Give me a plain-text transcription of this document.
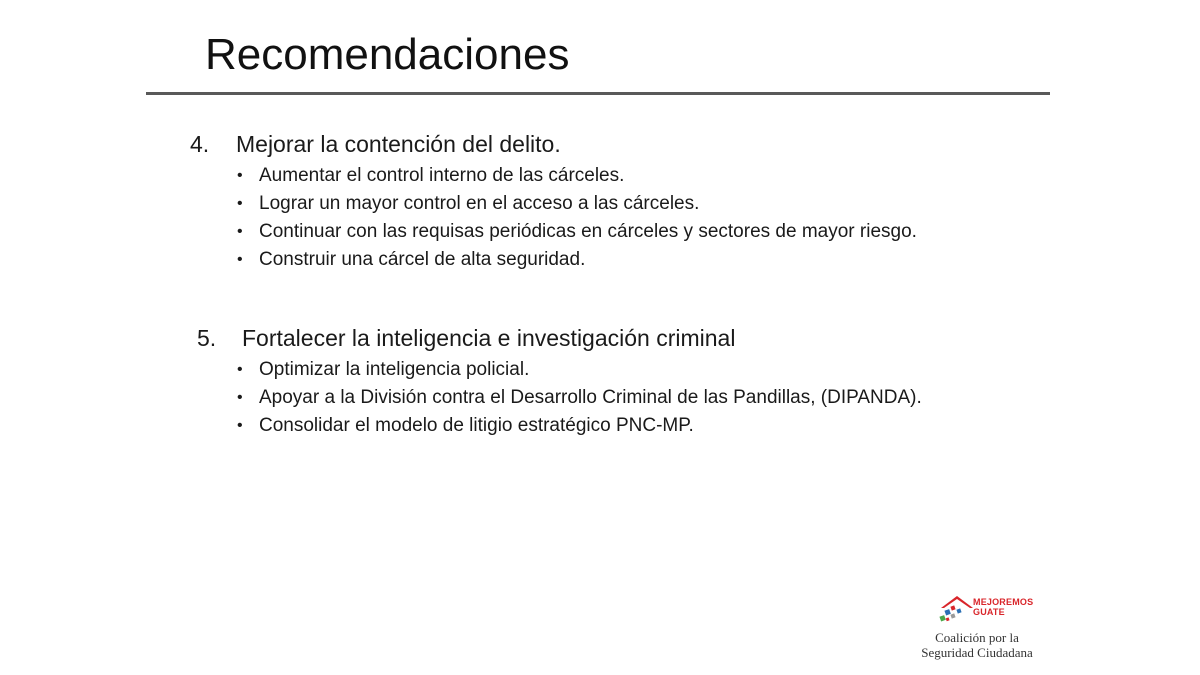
Recomendaciones
4. Mejorar la contención del delito.
• Aumentar el control interno de las cárceles.
• Lograr un mayor control en el acceso a las cárceles.
• Continuar con las requisas periódicas en cárceles y sectores de mayor riesgo.
• Construir una cárcel de alta seguridad.
5. Fortalecer la inteligencia e investigación criminal
• Optimizar la inteligencia policial.
• Apoyar a la División contra el Desarrollo Criminal de las Pandillas, (DIPANDA).
• Consolidar el modelo de litigio estratégico PNC-MP.
MEJOREMOS
GUATE
Coalición por la
Seguridad Ciudadana
